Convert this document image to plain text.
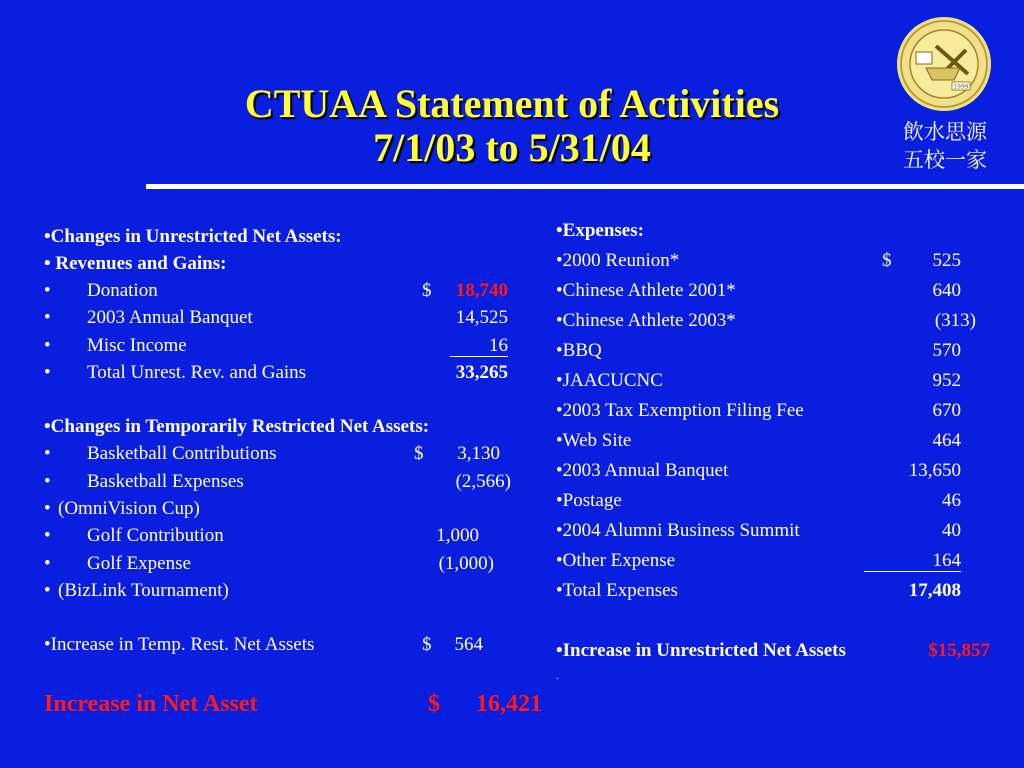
1999
飲水思源
五校一家
CTUAA Statement of Activities
7/1/03 to 5/31/04
•Changes in Unrestricted Net Assets:
• Revenues and Gains:
• Donation	$ 18,740
• 2003 Annual Banquet	14,525
• Misc Income	16
• Total Unrest. Rev. and Gains	33,265
•Changes in Temporarily Restricted Net Assets:
• Basketball Contributions	$ 3,130
• Basketball Expenses	(2,566)
• (OmniVision Cup)
• Golf Contribution	1,000
• Golf Expense	(1,000)
• (BizLink Tournament)
•Increase in Temp. Rest. Net Assets	$ 564
Increase in Net Asset	$ 16,421
•Expenses:
•2000 Reunion*	$ 525
•Chinese Athlete 2001*	640
•Chinese Athlete 2003*	(313)
•BBQ	570
•JAACUCNC	952
•2003 Tax Exemption Filing Fee	670
•Web Site	464
•2003 Annual Banquet	13,650
•Postage	46
•2004 Alumni Business Summit	40
•Other Expense	164
•Total Expenses	17,408
•Increase in Unrestricted Net Assets	$15,857
.
